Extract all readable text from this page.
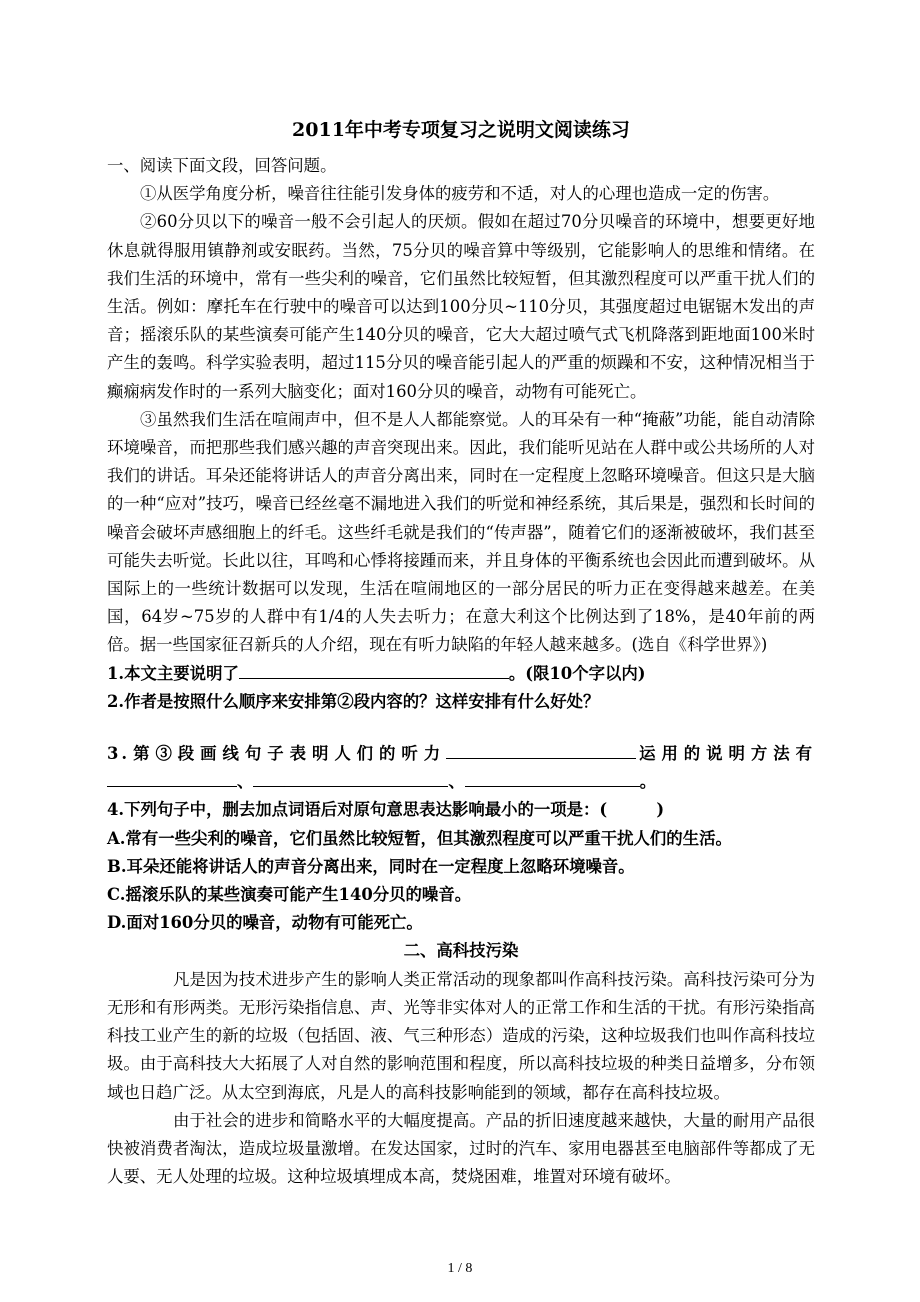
2011年中考专项复习之说明文阅读练习

一、阅读下面文段，回答问题。

①从医学角度分析，噪音往往能引发身体的疲劳和不适，对人的心理也造成一定的伤害。

②60分贝以下的噪音一般不会引起人的厌烦。假如在超过70分贝噪音的环境中，想要更好地休息就得服用镇静剂或安眠药。当然，75分贝的噪音算中等级别，它能影响人的思维和情绪。在我们生活的环境中，常有一些尖利的噪音，它们虽然比较短暂，但其激烈程度可以严重干扰人们的生活。例如：摩托车在行驶中的噪音可以达到100分贝~110分贝，其强度超过电锯锯木发出的声音；摇滚乐队的某些演奏可能产生140分贝的噪音，它大大超过喷气式飞机降落到距地面100米时产生的轰鸣。科学实验表明，超过115分贝的噪音能引起人的严重的烦躁和不安，这种情况相当于癫痫病发作时的一系列大脑变化；面对160分贝的噪音，动物有可能死亡。

③虽然我们生活在喧闹声中，但不是人人都能察觉。人的耳朵有一种“掩蔽”功能，能自动清除环境噪音，而把那些我们感兴趣的声音突现出来。因此，我们能听见站在人群中或公共场所的人对我们的讲话。耳朵还能将讲话人的声音分离出来，同时在一定程度上忽略环境噪音。但这只是大脑的一种“应对”技巧，噪音已经丝毫不漏地进入我们的听觉和神经系统，其后果是，强烈和长时间的噪音会破坏声感细胞上的纤毛。这些纤毛就是我们的“传声器”，随着它们的逐渐被破坏，我们甚至可能失去听觉。长此以往，耳鸣和心悸将接踵而来，并且身体的平衡系统也会因此而遭到破坏。从国际上的一些统计数据可以发现，生活在喧闹地区的一部分居民的听力正在变得越来越差。在美国，64岁~75岁的人群中有1/4的人失去听力；在意大利这个比例达到了18%，是40年前的两倍。据一些国家征召新兵的人介绍，现在有听力缺陷的年轻人越来越多。(选自《科学世界》)

1.本文主要说明了	。(限10个字以内)

2.作者是按照什么顺序来安排第②段内容的？这样安排有什么好处？

3.第③段画线句子表明人们的听力	运用的说明方法有

、	、	。

4.下列句子中，删去加点词语后对原句意思表达影响最小的一项是：(　　　)

A.常有一些尖利的噪音，它们虽然比较短暂，但其激烈程度可以严重干扰人们的生活。

B.耳朵还能将讲话人的声音分离出来，同时在一定程度上忽略环境噪音。

C.摇滚乐队的某些演奏可能产生140分贝的噪音。

D.面对160分贝的噪音，动物有可能死亡。

二、高科技污染

凡是因为技术进步产生的影响人类正常活动的现象都叫作高科技污染。高科技污染可分为无形和有形两类。无形污染指信息、声、光等非实体对人的正常工作和生活的干扰。有形污染指高科技工业产生的新的垃圾（包括固、液、气三种形态）造成的污染，这种垃圾我们也叫作高科技垃圾。由于高科技大大拓展了人对自然的影响范围和程度，所以高科技垃圾的种类日益增多，分布领域也日趋广泛。从太空到海底，凡是人的高科技影响能到的领域，都存在高科技垃圾。

由于社会的进步和简略水平的大幅度提高。产品的折旧速度越来越快，大量的耐用产品很快被消费者淘汰，造成垃圾量激增。在发达国家，过时的汽车、家用电器甚至电脑部件等都成了无人要、无人处理的垃圾。这种垃圾填埋成本高，焚烧困难，堆置对环境有破坏。

1 / 8
